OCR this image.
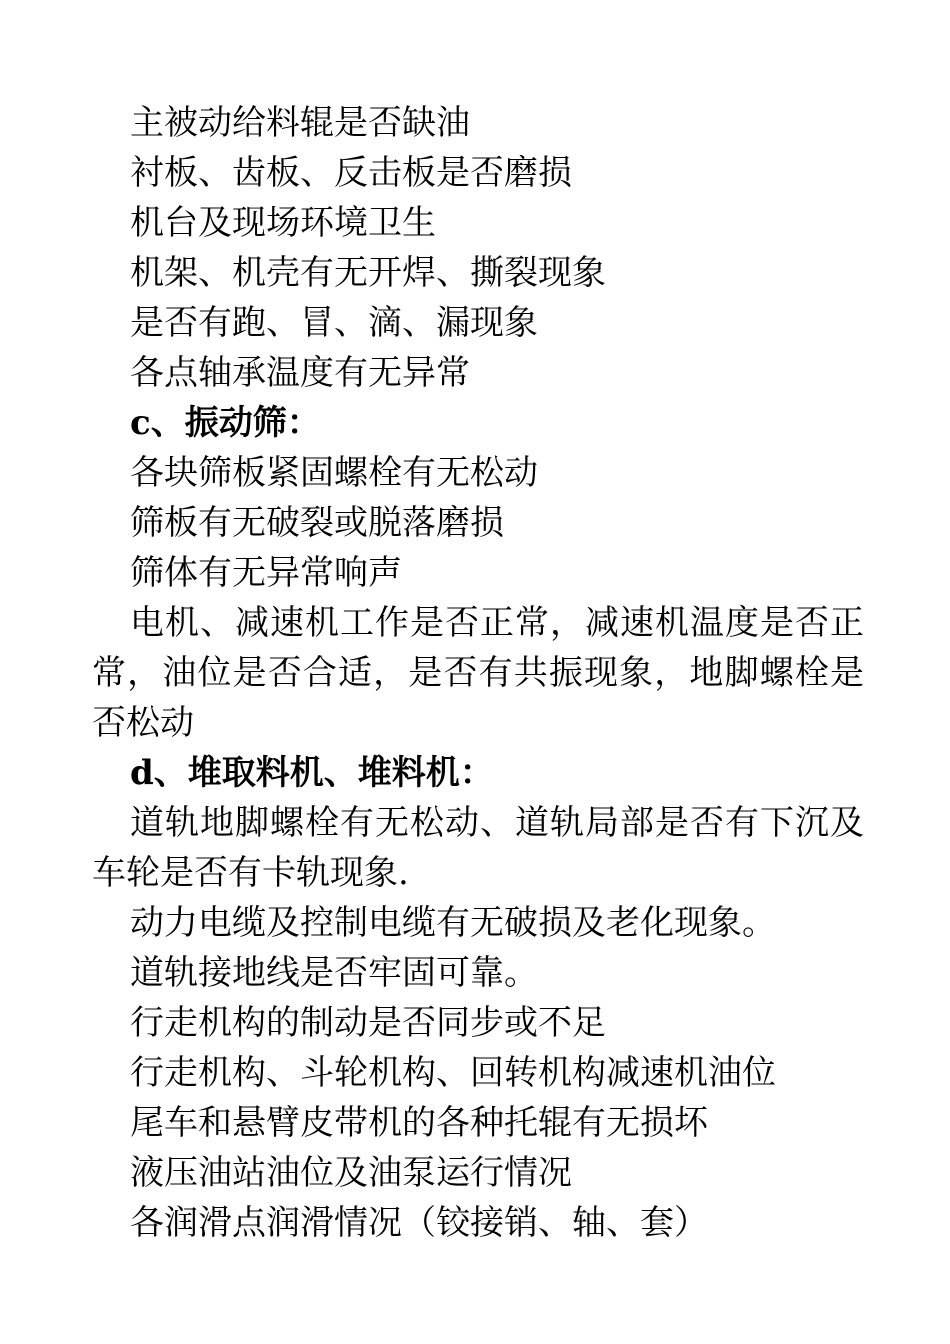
主被动给料辊是否缺油

衬板、齿板、反击板是否磨损

机台及现场环境卫生

机架、机壳有无开焊、撕裂现象

是否有跑、冒、滴、漏现象

各点轴承温度有无异常

c、振动筛：

各块筛板紧固螺栓有无松动

筛板有无破裂或脱落磨损

筛体有无异常响声

电机、减速机工作是否正常，减速机温度是否正常，油位是否合适，是否有共振现象，地脚螺栓是否松动

d、堆取料机、堆料机：

道轨地脚螺栓有无松动、道轨局部是否有下沉及车轮是否有卡轨现象.

动力电缆及控制电缆有无破损及老化现象。

道轨接地线是否牢固可靠。

行走机构的制动是否同步或不足

行走机构、斗轮机构、回转机构减速机油位

尾车和悬臂皮带机的各种托辊有无损坏

液压油站油位及油泵运行情况

各润滑点润滑情况（铰接销、轴、套）
